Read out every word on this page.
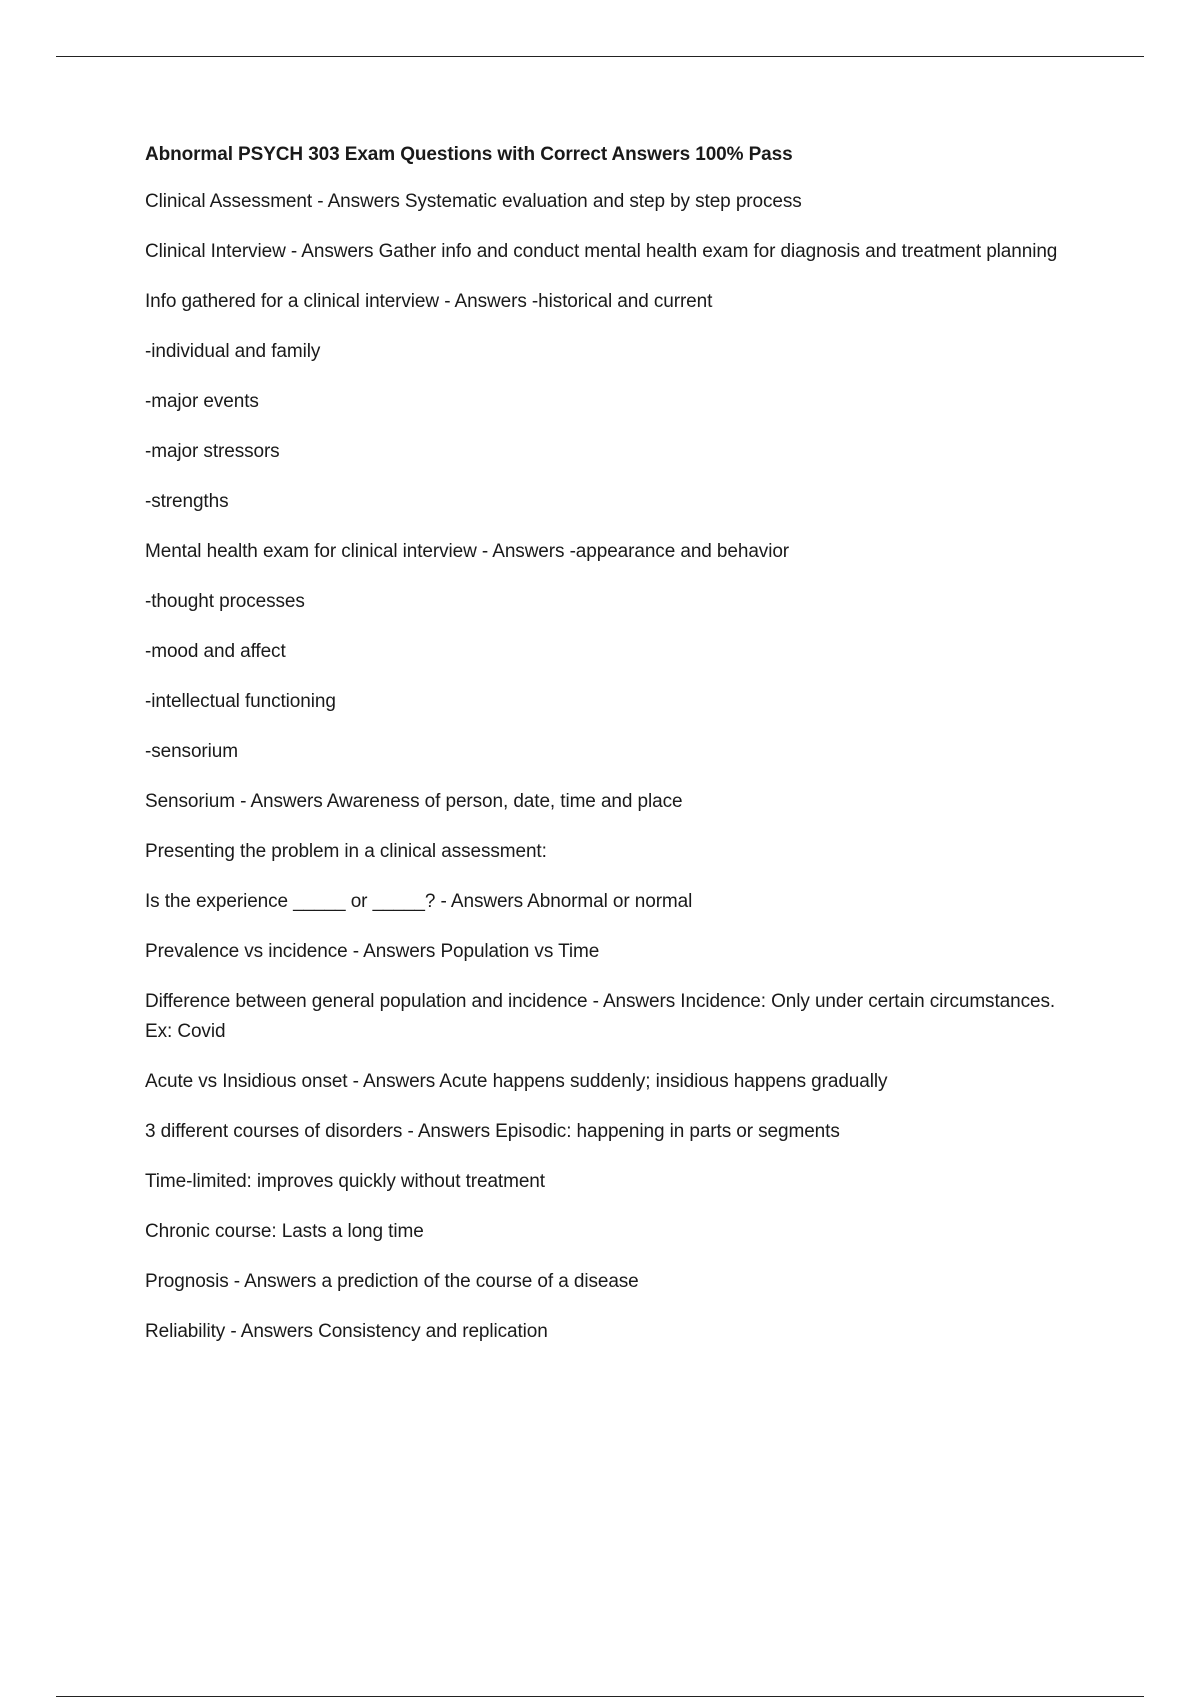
Abnormal PSYCH 303 Exam Questions with Correct Answers 100% Pass
Clinical Assessment - Answers Systematic evaluation and step by step process
Clinical Interview - Answers Gather info and conduct mental health exam for diagnosis and treatment planning
Info gathered for a clinical interview - Answers -historical and current
-individual and family
-major events
-major stressors
-strengths
Mental health exam for clinical interview - Answers -appearance and behavior
-thought processes
-mood and affect
-intellectual functioning
-sensorium
Sensorium - Answers Awareness of person, date, time and place
Presenting the problem in a clinical assessment:
Is the experience _____ or _____? - Answers Abnormal or normal
Prevalence vs incidence - Answers Population vs Time
Difference between general population and incidence - Answers Incidence: Only under certain circumstances. Ex: Covid
Acute vs Insidious onset - Answers Acute happens suddenly; insidious happens gradually
3 different courses of disorders - Answers Episodic: happening in parts or segments
Time-limited: improves quickly without treatment
Chronic course: Lasts a long time
Prognosis - Answers a prediction of the course of a disease
Reliability - Answers Consistency and replication
